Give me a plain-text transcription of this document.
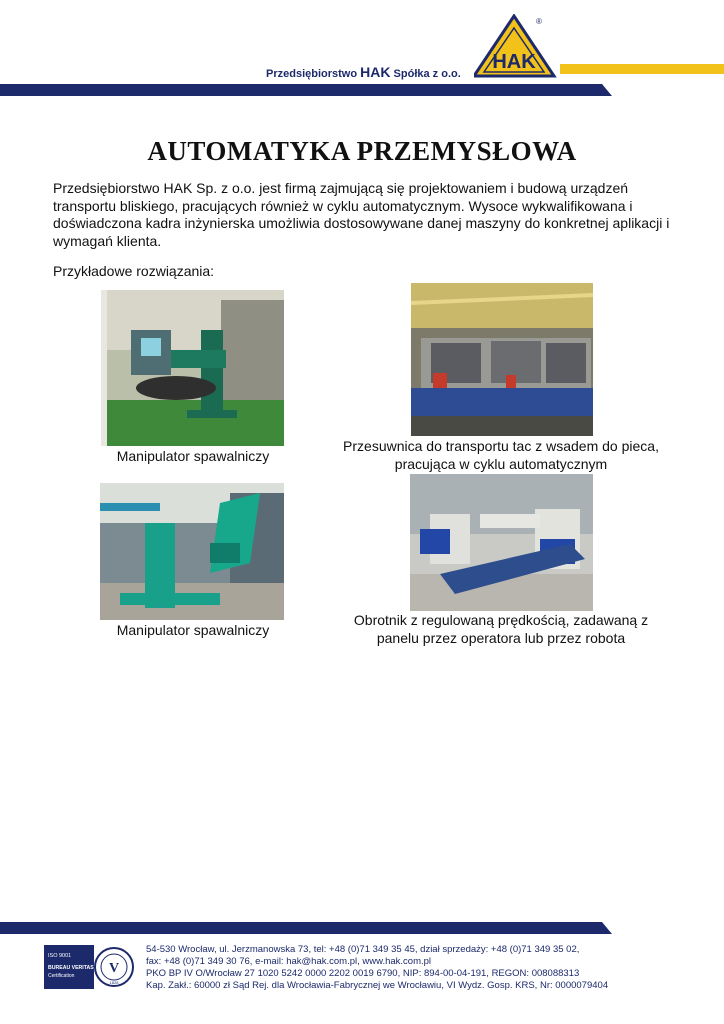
Przedsiębiorstwo HAK Spółka z o.o.
HAK
®
AUTOMATYKA PRZEMYSŁOWA
Przedsiębiorstwo HAK Sp. z o.o. jest firmą zajmującą się projektowaniem i budową urządzeń transportu bliskiego, pracujących również w cyklu automatycznym. Wysoce wykwalifikowana i doświadczona kadra inżynierska umożliwia dostosowywane danej maszyny do konkretnej aplikacji i wymagań klienta.
Przykładowe rozwiązania:
Manipulator spawalniczy
Przesuwnica do transportu tac z wsadem do pieca,
pracująca w cyklu automatycznym
Manipulator spawalniczy
Obrotnik z regulowaną prędkością, zadawaną z
panelu przez operatora lub przez robota
ISO 9001
BUREAU VERITAS
Certification V
1828
54-530 Wrocław, ul. Jerzmanowska 73, tel: +48 (0)71 349 35 45, dział sprzedaży: +48 (0)71 349 35 02,
fax: +48 (0)71 349 30 76, e-mail: hak@hak.com.pl, www.hak.com.pl
PKO BP IV O/Wrocław 27 1020 5242 0000 2202 0019 6790, NIP: 894-00-04-191, REGON: 008088313
Kap. Zakł.: 60000 zł Sąd Rej. dla Wrocławia-Fabrycznej we Wrocławiu, VI Wydz. Gosp. KRS, Nr: 0000079404
